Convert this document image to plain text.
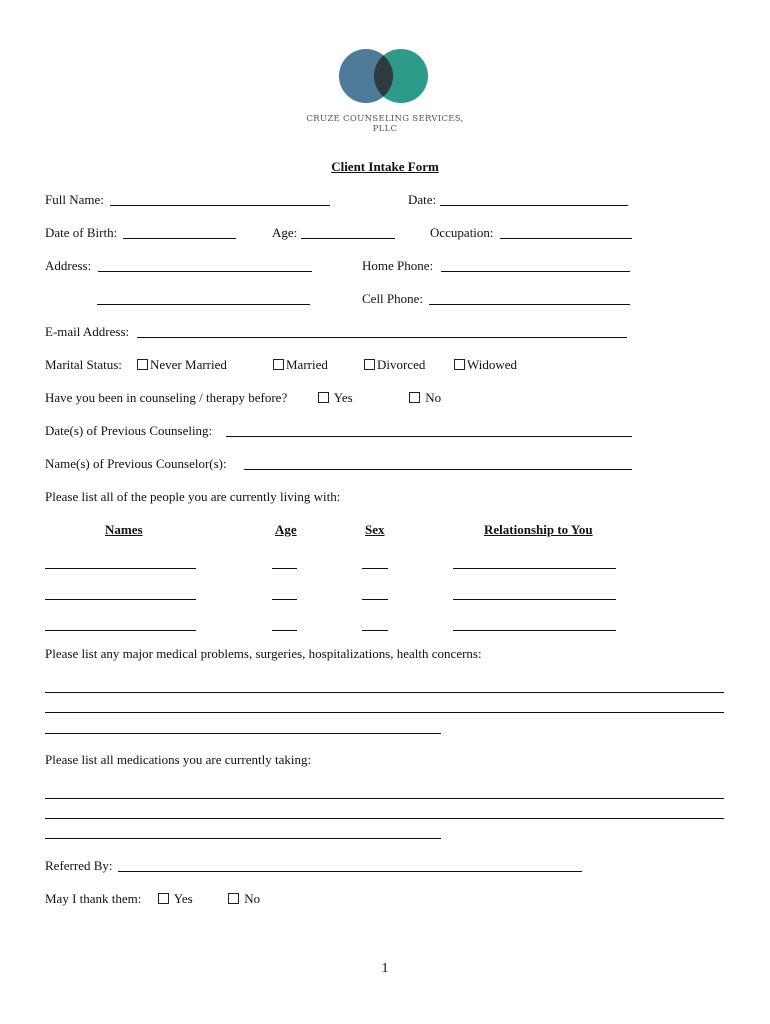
CRUZE COUNSELING SERVICES, PLLC
Client Intake Form
Full Name:	Date:
Date of Birth:	Age:	Occupation:
Address:	Home Phone:
Cell Phone:
E-mail Address:
Marital Status:	Never Married	Married	Divorced	Widowed
Have you been in counseling / therapy before?	Yes	No
Date(s) of Previous Counseling:
Name(s) of Previous Counselor(s):
Please list all of the people you are currently living with:
Names	Age	Sex	Relationship to You
Please list any major medical problems, surgeries, hospitalizations, health concerns:
Please list all medications you are currently taking:
Referred By:
May I thank them:	Yes	No
1
